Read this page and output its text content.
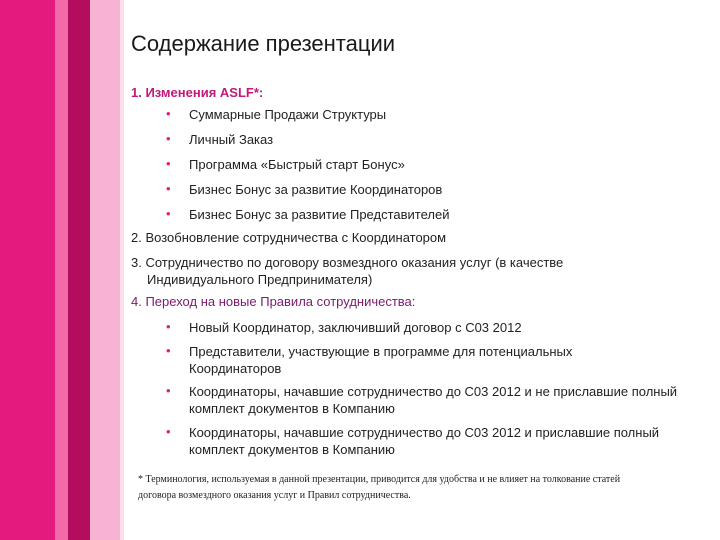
Содержание презентации
1. Изменения ASLF*:
• Суммарные Продажи Структуры
• Личный Заказ
• Программа «Быстрый старт Бонус»
• Бизнес Бонус за развитие Координаторов
• Бизнес Бонус за развитие Представителей
2. Возобновление сотрудничества с Координатором
3. Сотрудничество по договору возмездного оказания услуг (в качестве Индивидуального Предпринимателя)
4. Переход на новые Правила сотрудничества:
• Новый Координатор, заключивший договор с С03 2012
• Представители, участвующие в программе для потенциальных Координаторов
• Координаторы, начавшие сотрудничество до С03 2012 и не приславшие полный комплект документов в Компанию
• Координаторы, начавшие сотрудничество до С03 2012 и приславшие полный комплект документов в Компанию
* Терминология, используемая в данной презентации, приводится для удобства и не влияет на толкование статей договора возмездного оказания услуг и Правил сотрудничества.
